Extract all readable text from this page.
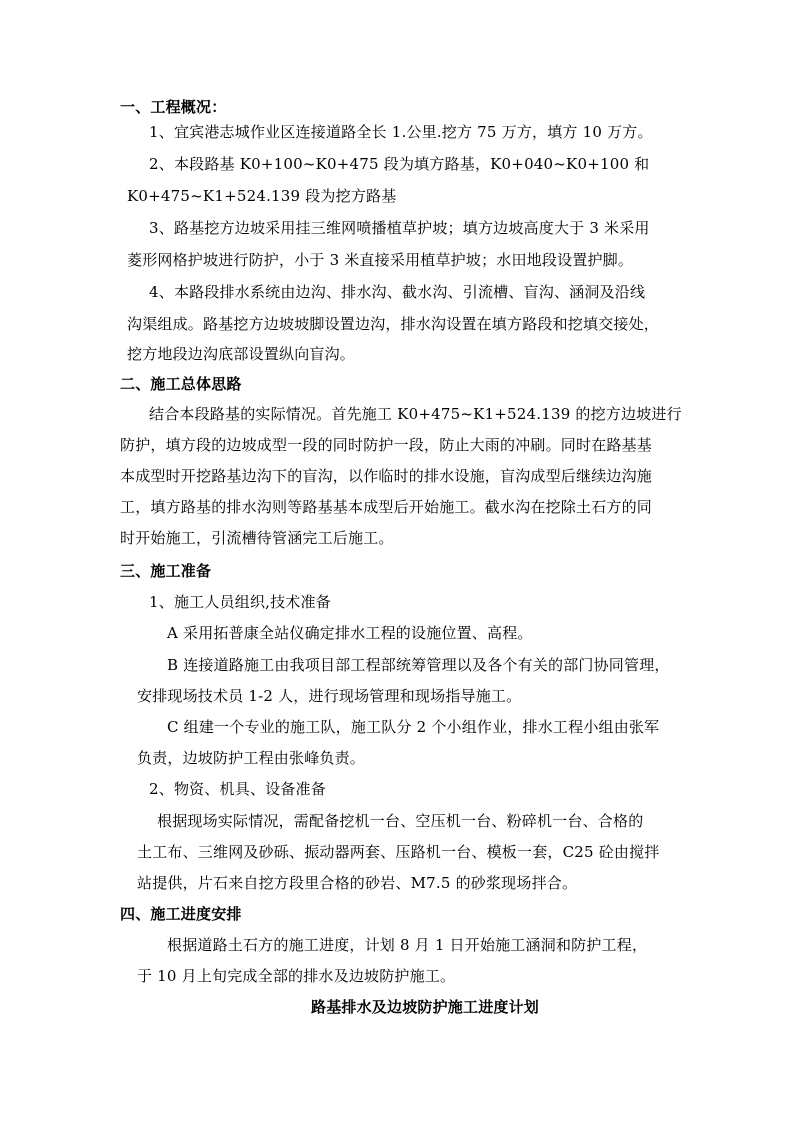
一、工程概况：
1、宜宾港志城作业区连接道路全长 1.公里.挖方 75 万方，填方 10 万方。
2、本段路基 K0+100~K0+475 段为填方路基，K0+040~K0+100 和
K0+475~K1+524.139 段为挖方路基
3、路基挖方边坡采用挂三维网喷播植草护坡；填方边坡高度大于 3 米采用
菱形网格护坡进行防护，小于 3 米直接采用植草护坡；水田地段设置护脚。
4、本路段排水系统由边沟、排水沟、截水沟、引流槽、盲沟、涵洞及沿线
沟渠组成。路基挖方边坡坡脚设置边沟，排水沟设置在填方路段和挖填交接处，
挖方地段边沟底部设置纵向盲沟。
二、施工总体思路
结合本段路基的实际情况。首先施工 K0+475~K1+524.139 的挖方边坡进行
防护，填方段的边坡成型一段的同时防护一段，防止大雨的冲刷。同时在路基基
本成型时开挖路基边沟下的盲沟，以作临时的排水设施，盲沟成型后继续边沟施
工，填方路基的排水沟则等路基基本成型后开始施工。截水沟在挖除土石方的同
时开始施工，引流槽待管涵完工后施工。
三、施工准备
1、施工人员组织,技术准备
A 采用拓普康全站仪确定排水工程的设施位置、高程。
B 连接道路施工由我项目部工程部统筹管理以及各个有关的部门协同管理，
安排现场技术员 1-2 人，进行现场管理和现场指导施工。
C 组建一个专业的施工队，施工队分 2 个小组作业，排水工程小组由张军
负责，边坡防护工程由张峰负责。
2、物资、机具、设备准备
根据现场实际情况，需配备挖机一台、空压机一台、粉碎机一台、合格的
土工布、三维网及砂砾、振动器两套、压路机一台、模板一套，C25 砼由搅拌
站提供，片石来自挖方段里合格的砂岩、M7.5 的砂浆现场拌合。
四、施工进度安排
根据道路土石方的施工进度，计划 8 月 1 日开始施工涵洞和防护工程，
于 10 月上旬完成全部的排水及边坡防护施工。
路基排水及边坡防护施工进度计划
